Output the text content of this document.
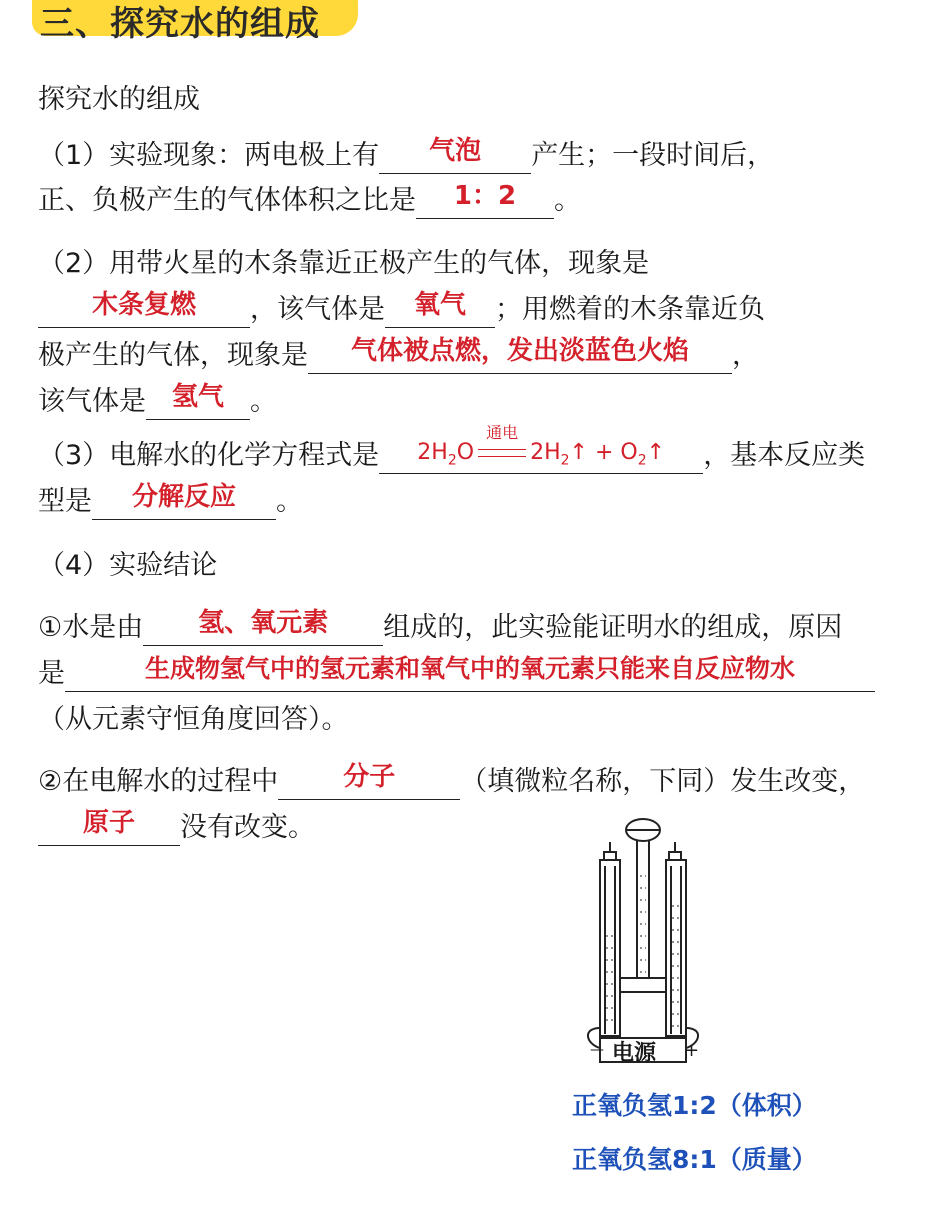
三、探究水的组成
探究水的组成
（1）实验现象：两电极上有	气泡	产生；一段时间后，
正、负极产生的气体体积之比是	1：2	。
（2）用带火星的木条靠近正极产生的气体，现象是
木条复燃	，该气体是	氧气	；用燃着的木条靠近负
极产生的气体，现象是	气体被点燃，发出淡蓝色火焰	，
该气体是 氢气 。
（3）电解水的化学方程式是	$2H_2O$
通电
$2H_2↑$ + $O_2↑$	，基本反应类
型是	分解反应	。
（4）实验结论
①水是由	氢、氧元素	组成的，此实验能证明水的组成，原因
是	生成物氢气中的氢元素和氧气中的氧元素只能来自反应物水
（从元素守恒角度回答）。
②在电解水的过程中	分子	（填微粒名称，下同）发生改变，
原子	没有改变。
电源
—	+
正氧负氢1:2（体积）
正氧负氢8:1（质量）
